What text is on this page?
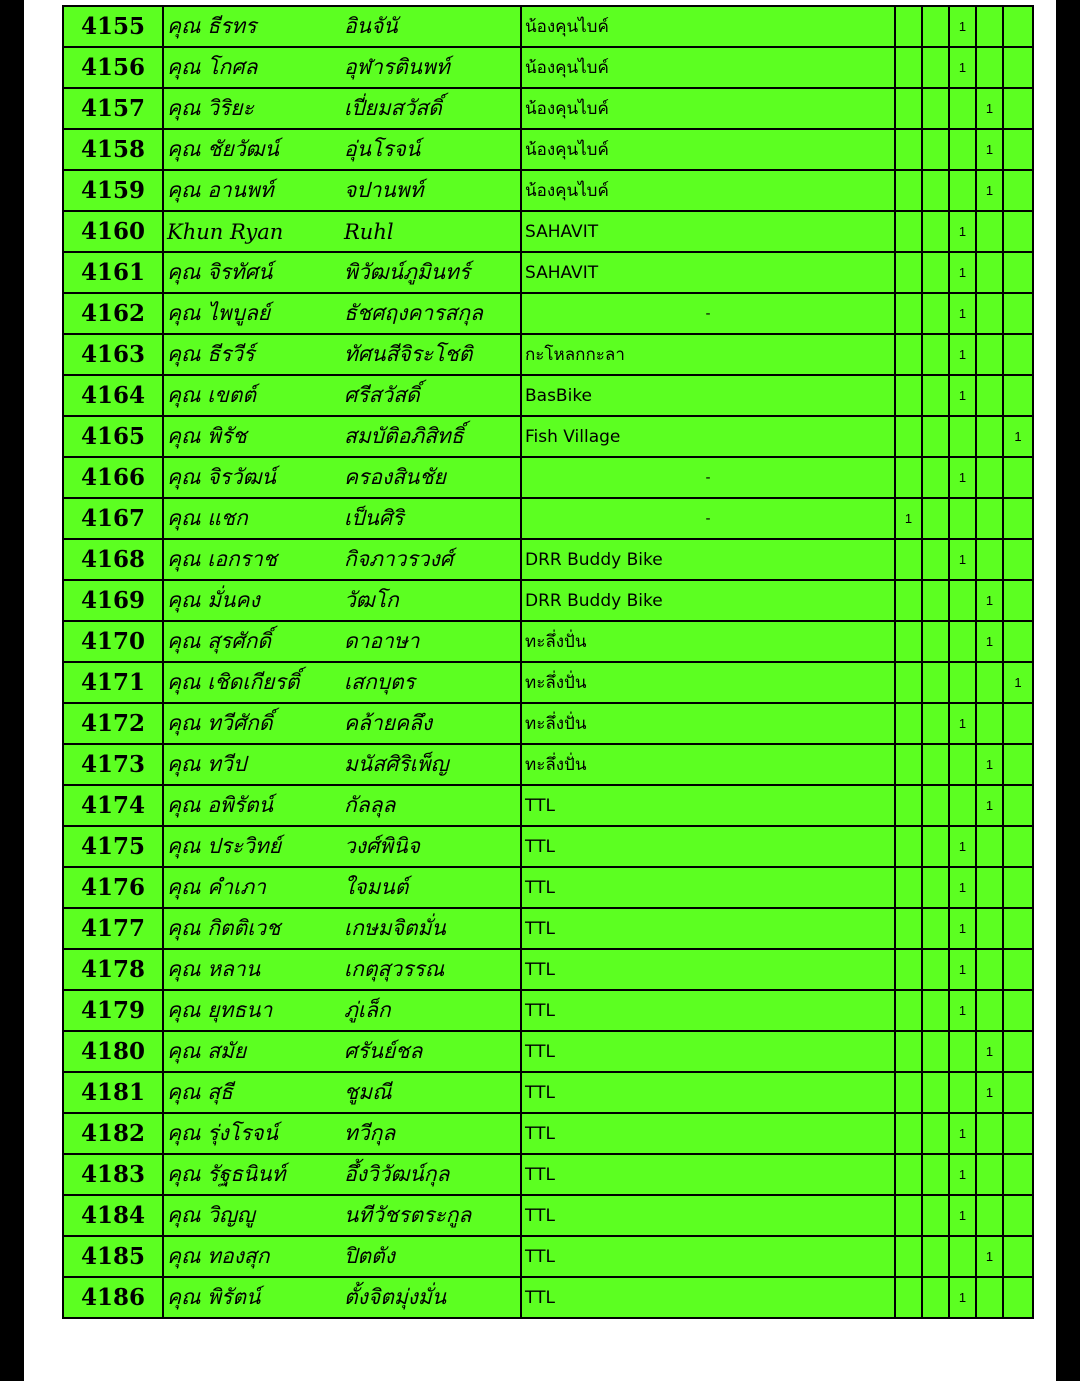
4155	คุณ ธีรทร	อินจันั	น้องคุนไบค์			1		
4156	คุณ โกศล	อุฬารตินพท์	น้องคุนไบค์			1		
4157	คุณ วิริยะ	เปี่ยมสวัสดิ์	น้องคุนไบค์				1	
4158	คุณ ชัยวัฒน์	อุ่นโรจน์	น้องคุนไบค์				1	
4159	คุณ อานพท์	จปานพท์	น้องคุนไบค์				1	
4160	Khun Ryan	Ruhl	SAHAVIT			1		
4161	คุณ จิรทัศน์	พิวัฒน์ภูมินทร์	SAHAVIT			1		
4162	คุณ ไพบูลย์	ธัชศฤงคารสกุล	-			1		
4163	คุณ ธีรวีร์	ทัศนสีจิระโชติ	กะโหลกกะลา			1		
4164	คุณ เขตต์	ศรีสวัสดิ์	BasBike			1		
4165	คุณ พิรัช	สมบัติอภิสิทธิ์	Fish Village					1
4166	คุณ จิรวัฒน์	ครองสินชัย	-			1		
4167	คุณ แชก	เป็นศิริ	-	1				
4168	คุณ เอกราช	กิจภาวรวงศ์	DRR Buddy Bike			1		
4169	คุณ มั่นคง	วัฒโก	DRR Buddy Bike				1	
4170	คุณ สุรศักดิ์	ดาอาษา	ทะลึ่งปั่น				1	
4171	คุณ เชิดเกียรติ์	เสกบุตร	ทะลึ่งปั่น					1
4172	คุณ ทวีศักดิ์	คล้ายคลึง	ทะลึ่งปั่น			1		
4173	คุณ ทวีป	มนัสศิริเพ็ญ	ทะลึ่งปั่น				1	
4174	คุณ อพิรัตน์	กัลลุล	TTL				1	
4175	คุณ ประวิทย์	วงศ์พินิจ	TTL			1		
4176	คุณ คำเภา	ใจมนต์	TTL			1		
4177	คุณ กิตติเวช	เกษมจิตมั่น	TTL			1		
4178	คุณ หลาน	เกตุสุวรรณ	TTL			1		
4179	คุณ ยุทธนา	ภู่เล็ก	TTL			1		
4180	คุณ สมัย	ศรันย์ชล	TTL				1	
4181	คุณ สุธี	ชูมณี	TTL				1	
4182	คุณ รุ่งโรจน์	ทวีกุล	TTL			1		
4183	คุณ รัฐธนินท์	อึ้งวิวัฒน์กุล	TTL			1		
4184	คุณ วิญญู	นทีวัชรตระกูล	TTL			1		
4185	คุณ ทองสุก	ปิตตัง	TTL				1	
4186	คุณ พิรัตน์	ตั้งจิตมุ่งมั่น	TTL			1		
